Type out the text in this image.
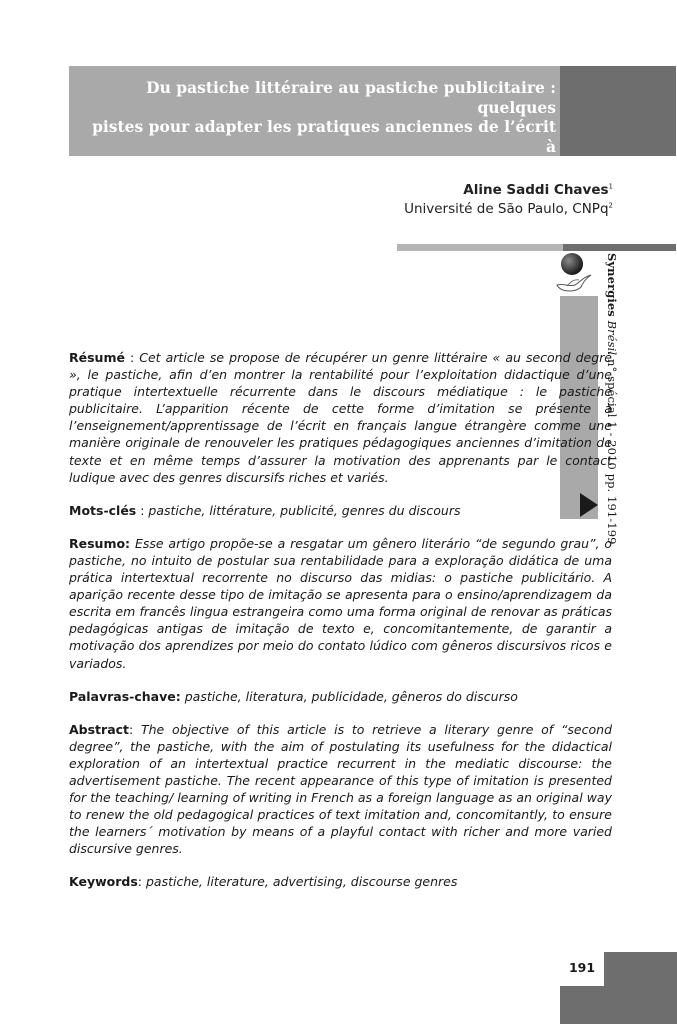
Du pastiche littéraire au pastiche publicitaire : quelques
pistes pour adapter les pratiques anciennes de l’écrit à
l’enseignement/apprentissage des genres discursifs
Aline Saddi Chaves$^1$
Université de São Paulo, CNPq$^2$
Synergies Brésil n° spécial 1 - 2010 pp. 191-199

Résumé : Cet article se propose de récupérer un genre littéraire « au second degré », le pastiche, afin d’en montrer la rentabilité pour l’exploitation didactique d’une pratique intertextuelle récurrente dans le discours médiatique : le pastiche publicitaire. L’apparition récente de cette forme d’imitation se présente à l’enseignement/apprentissage de l’écrit en français langue étrangère comme une manière originale de renouveler les pratiques pédagogiques anciennes d’imitation de texte et en même temps d’assurer la motivation des apprenants par le contact ludique avec des genres discursifs riches et variés.

Mots-clés : pastiche, littérature, publicité, genres du discours

Resumo: Esse artigo propõe-se a resgatar um gênero literário “de segundo grau”, o pastiche, no intuito de postular sua rentabilidade para a exploração didática de uma prática intertextual recorrente no discurso das midias: o pastiche publicitário. A aparição recente desse tipo de imitação se apresenta para o ensino/aprendizagem da escrita em francês lingua estrangeira como uma forma original de renovar as práticas pedagógicas antigas de imitação de texto e, concomitantemente, de garantir a motivação dos aprendizes por meio do contato lúdico com gêneros discursivos ricos e variados.

Palavras-chave: pastiche, literatura, publicidade, gêneros do discurso

Abstract: The objective of this article is to retrieve a literary genre of “second degree”, the pastiche, with the aim of postulating its usefulness for the didactical exploration of an intertextual practice recurrent in the mediatic discourse: the advertisement pastiche. The recent appearance of this type of imitation is presented for the teaching/ learning of writing in French as a foreign language as an original way to renew the old pedagogical practices of text imitation and, concomitantly, to ensure the learners´ motivation by means of a playful contact with richer and more varied discursive genres.

Keywords: pastiche, literature, advertising, discourse genres

191
